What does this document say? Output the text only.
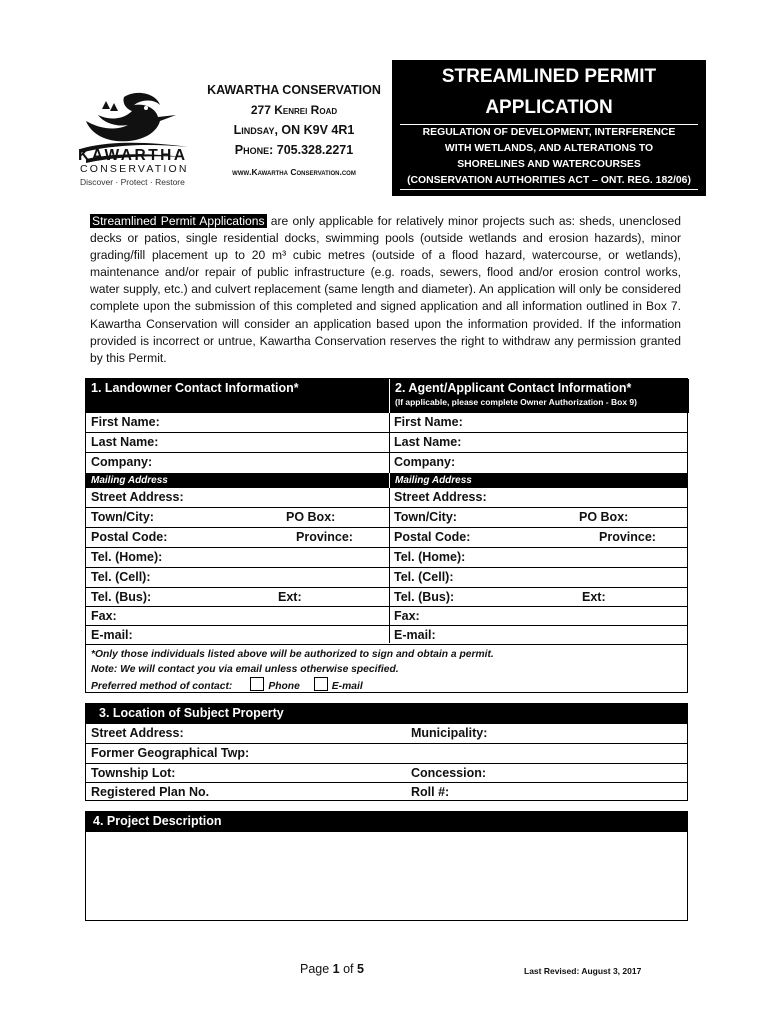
KAWARTHA
CONSERVATION
Discover · Protect · Restore
KAWARTHA CONSERVATION
277 Kenrei Road
Lindsay, ON K9V 4R1
Phone: 705.328.2271
www.Kawartha Conservation.com
STREAMLINED PERMIT
APPLICATION
REGULATION OF DEVELOPMENT, INTERFERENCE
WITH WETLANDS, AND ALTERATIONS TO
SHORELINES AND WATERCOURSES
(CONSERVATION AUTHORITIES ACT – ONT. REG. 182/06)
Streamlined Permit Applications are only applicable for relatively minor projects such as: sheds, unenclosed decks or patios, single residential docks, swimming pools (outside wetlands and erosion hazards), minor grading/fill placement up to 20 m³ cubic metres (outside of a flood hazard, watercourse, or wetlands), maintenance and/or repair of public infrastructure (e.g. roads, sewers, flood and/or erosion control works, water supply, etc.) and culvert replacement (same length and diameter). An application will only be considered complete upon the submission of this completed and signed application and all information outlined in Box 7. Kawartha Conservation will consider an application based upon the information provided. If the information provided is incorrect or untrue, Kawartha Conservation reserves the right to withdraw any permission granted by this Permit.
1. Landowner Contact Information*	2. Agent/Applicant Contact Information*
(If applicable, please complete Owner Authorization - Box 9)
First Name:	First Name:
Last Name:	Last Name:
Company:	Company:
Mailing Address	Mailing Address
Street Address:	Street Address:
Town/City:	PO Box:	Town/City:	PO Box:
Postal Code:	Province:	Postal Code:	Province:
Tel. (Home):	Tel. (Home):
Tel. (Cell):	Tel. (Cell):
Tel. (Bus):	Ext:	Tel. (Bus):	Ext:
Fax:	Fax:
E-mail:	E-mail:
*Only those individuals listed above will be authorized to sign and obtain a permit.
Note: We will contact you via email unless otherwise specified.
Preferred method of contact:	Phone	E-mail
3. Location of Subject Property
Street Address:	Municipality:
Former Geographical Twp:
Township Lot:	Concession:
Registered Plan No.	Roll #:
4. Project Description
Page 1 of 5	Last Revised: August 3, 2017
